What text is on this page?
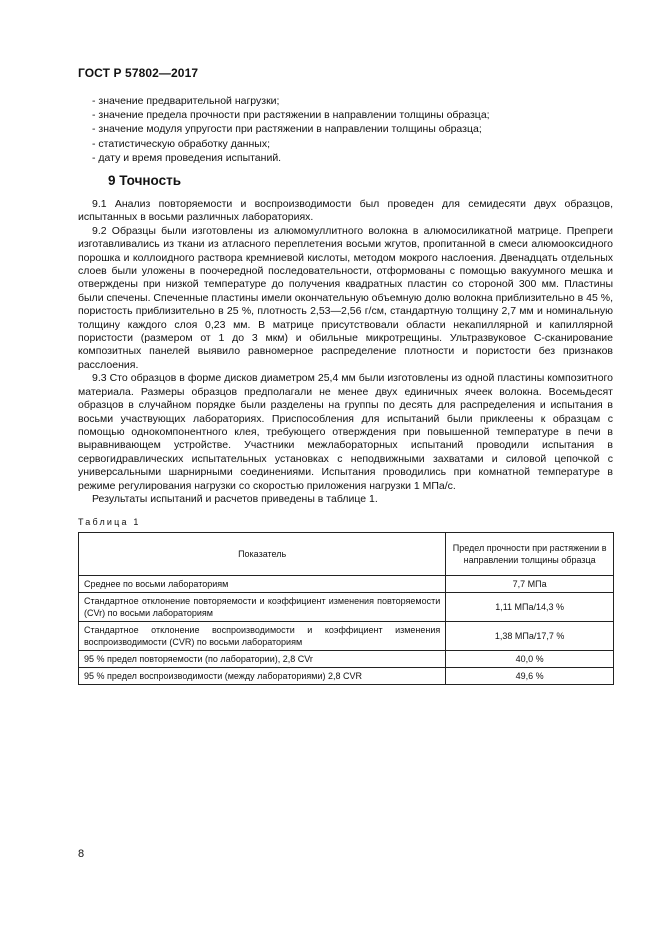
ГОСТ Р 57802—2017
- значение предварительной нагрузки;
- значение предела прочности при растяжении в направлении толщины образца;
- значение модуля упругости при растяжении в направлении толщины образца;
- статистическую обработку данных;
- дату и время проведения испытаний.
9 Точность

9.1 Анализ повторяемости и воспроизводимости был проведен для семидесяти двух образцов, испытанных в восьми различных лабораториях.

9.2 Образцы были изготовлены из алюмомуллитного волокна в алюмосиликатной матрице. Препреги изготавливались из ткани из атласного переплетения восьми жгутов, пропитанной в смеси алюмооксидного порошка и коллоидного раствора кремниевой кислоты, методом мокрого наслоения. Двенадцать отдельных слоев были уложены в поочередной последовательности, отформованы с помощью вакуумного мешка и отверждены при низкой температуре до получения квадратных пластин со стороной 300 мм. Пластины были спечены. Спеченные пластины имели окончательную объемную долю волокна приблизительно в 45 %, пористость приблизительно в 25 %, плотность 2,53—2,56 г/см, стандартную толщину 2,7 мм и номинальную толщину каждого слоя 0,23 мм. В матрице присутствовали области некапиллярной и капиллярной пористости (размером от 1 до 3 мкм) и обильные микротрещины. Ультразвуковое С-сканирование композитных панелей выявило равномерное распределение плотности и пористости без признаков расслоения.

9.3 Сто образцов в форме дисков диаметром 25,4 мм были изготовлены из одной пластины композитного материала. Размеры образцов предполагали не менее двух единичных ячеек волокна. Восемьдесят образцов в случайном порядке были разделены на группы по десять для распределения и испытания в восьми участвующих лабораториях. Приспособления для испытаний были приклеены к образцам с помощью однокомпонентного клея, требующего отверждения при повышенной температуре в печи в выравнивающем устройстве. Участники межлабораторных испытаний проводили испытания в сервогидравлических испытательных установках с неподвижными захватами и силовой цепочкой с универсальными шарнирными соединениями. Испытания проводились при комнатной температуре в режиме регулирования нагрузки со скоростью приложения нагрузки 1 МПа/с.

Результаты испытаний и расчетов приведены в таблице 1.

Таблица 1
Показатель	Предел прочности при растяжении в направлении толщины образца
Среднее по восьми лабораториям	7,7 МПа
Стандартное отклонение повторяемости и коэффициент изменения повторяемости (CVr) по восьми лабораториям	1,11 МПа/14,3 %
Стандартное отклонение воспроизводимости и коэффициент изменения воспроизводимости (CVR) по восьми лабораториям	1,38 МПа/17,7 %
95 % предел повторяемости (по лаборатории), 2,8 CVr	40,0 %
95 % предел воспроизводимости (между лабораториями) 2,8 CVR	49,6 %
8
